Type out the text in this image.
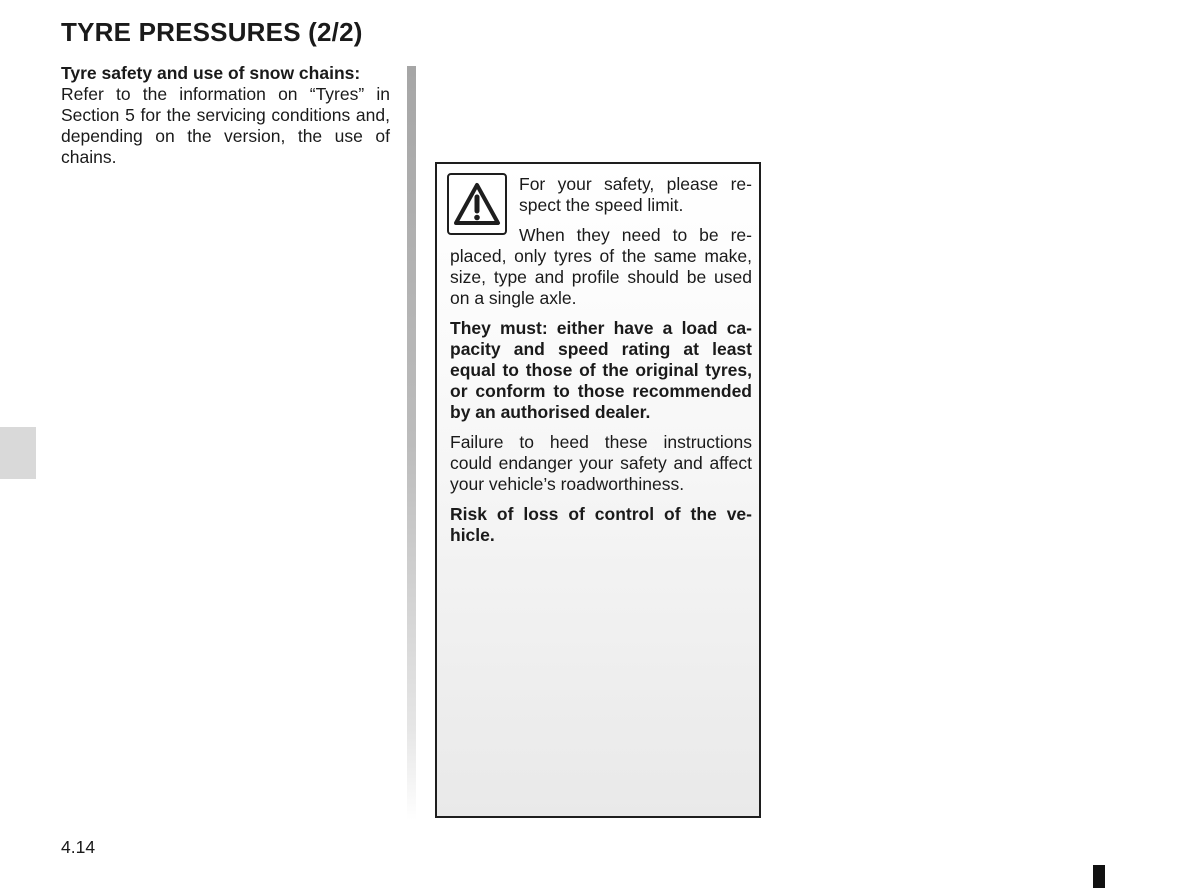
TYRE PRESSURES (2/2)
Tyre safety and use of snow chains:
Refer to the information on “Tyres” in Section 5 for the servicing conditions and, depending on the version, the use of chains.

For your safety, please respect the speed limit.

When they need to be replaced, only tyres of the same make, size, type and profile should be used on a single axle.

They must: either have a load capacity and speed rating at least equal to those of the original tyres, or conform to those recommended by an authorised dealer.

Failure to heed these instructions could endanger your safety and affect your vehicle’s roadworthiness.

Risk of loss of control of the vehicle.

4.14
